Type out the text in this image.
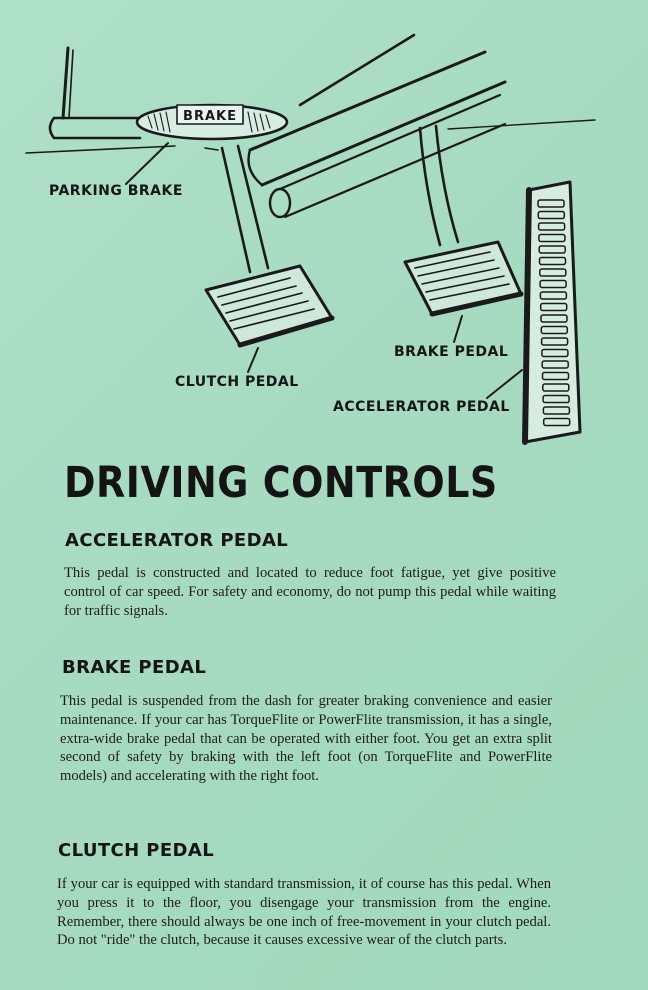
BRAKE
PARKING BRAKE
BRAKE PEDAL
CLUTCH PEDAL
ACCELERATOR PEDAL
DRIVING CONTROLS
ACCELERATOR PEDAL

This pedal is constructed and located to reduce foot fatigue, yet give positive control of car speed. For safety and economy, do not pump this pedal while waiting for traffic signals.

BRAKE PEDAL

This pedal is suspended from the dash for greater braking convenience and easier maintenance. If your car has TorqueFlite or PowerFlite transmission, it has a single, extra-wide brake pedal that can be operated with either foot. You get an extra split second of safety by braking with the left foot (on TorqueFlite and PowerFlite models) and accelerating with the right foot.

CLUTCH PEDAL

If your car is equipped with standard transmission, it of course has this pedal. When you press it to the floor, you disengage your transmission from the engine. Remember, there should always be one inch of free-movement in your clutch pedal. Do not "ride" the clutch, because it causes excessive wear of the clutch parts.
